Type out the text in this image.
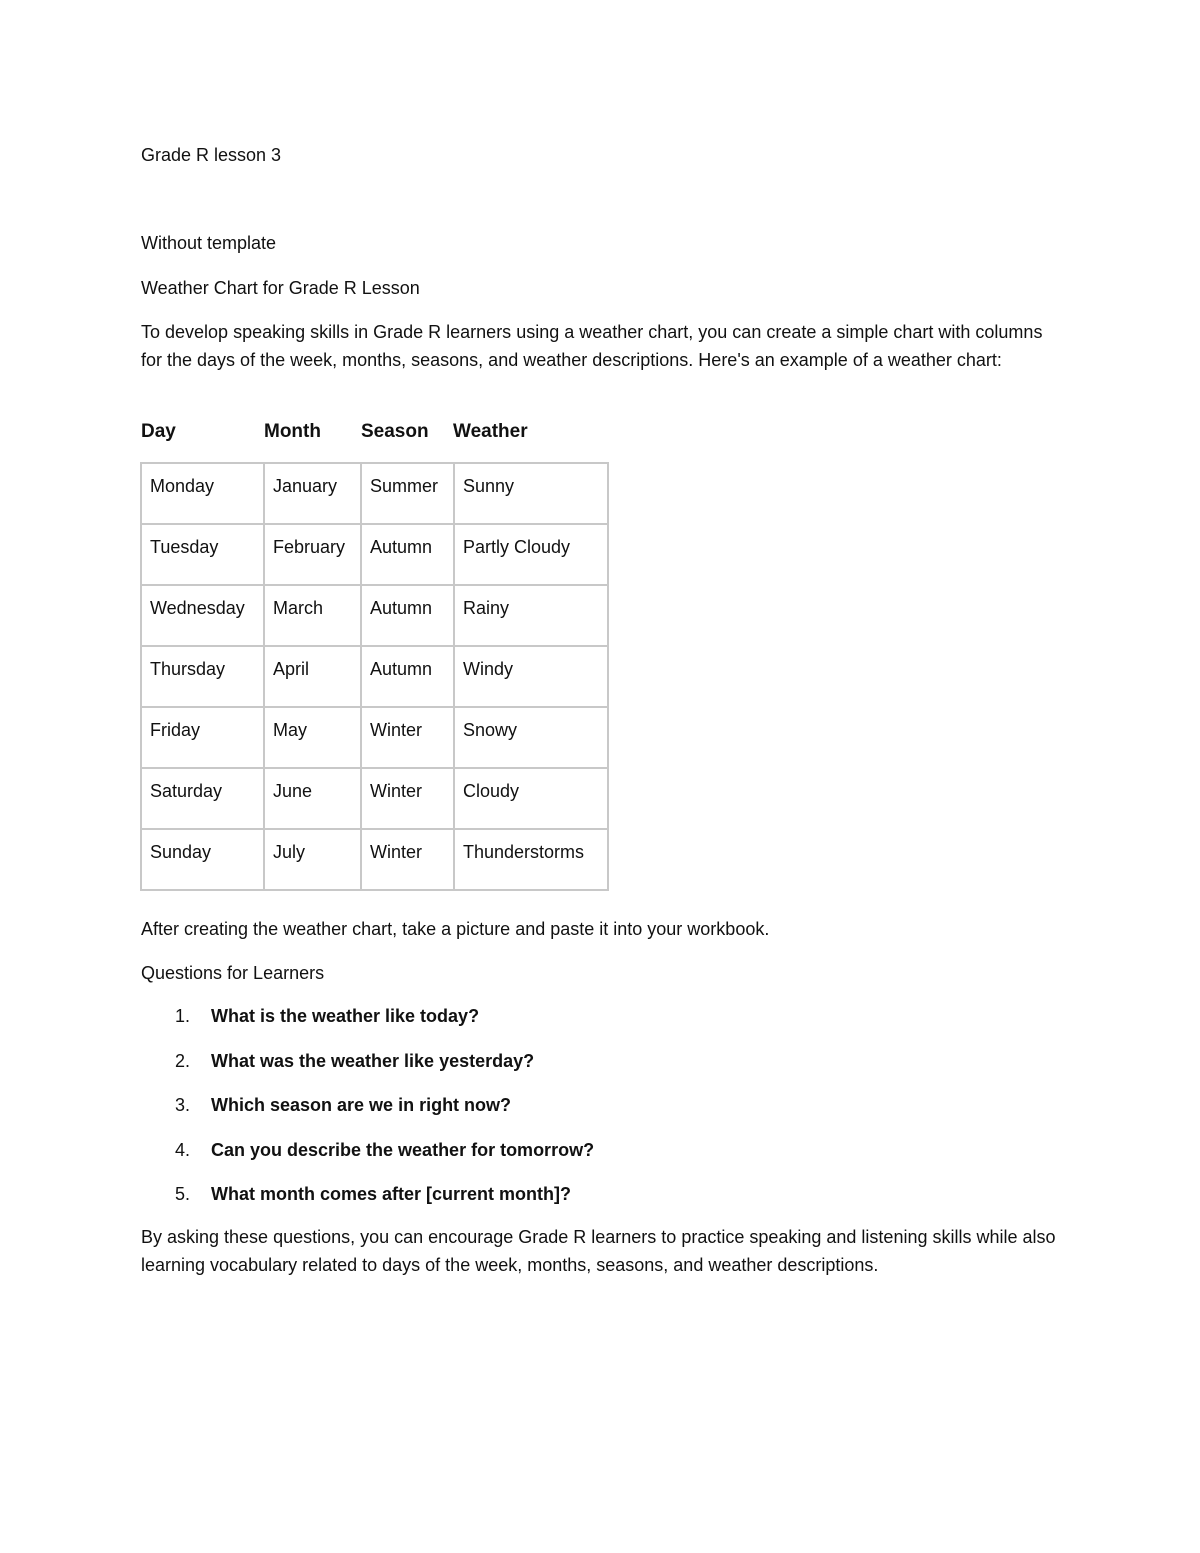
Grade R lesson 3

Without template

Weather Chart for Grade R Lesson

To develop speaking skills in Grade R learners using a weather chart, you can create a simple chart with columns for the days of the week, months, seasons, and weather descriptions. Here's an example of a weather chart:

Day	Month Season Weather
Monday	January	Summer	Sunny
Tuesday	February	Autumn	Partly Cloudy
Wednesday	March	Autumn	Rainy
Thursday	April	Autumn	Windy
Friday	May	Winter	Snowy
Saturday	June	Winter	Cloudy
Sunday	July	Winter	Thunderstorms

After creating the weather chart, take a picture and paste it into your workbook.

Questions for Learners

1. What is the weather like today?
2. What was the weather like yesterday?
3. Which season are we in right now?
4. Can you describe the weather for tomorrow?
5. What month comes after [current month]?

By asking these questions, you can encourage Grade R learners to practice speaking and listening skills while also learning vocabulary related to days of the week, months, seasons, and weather descriptions.
